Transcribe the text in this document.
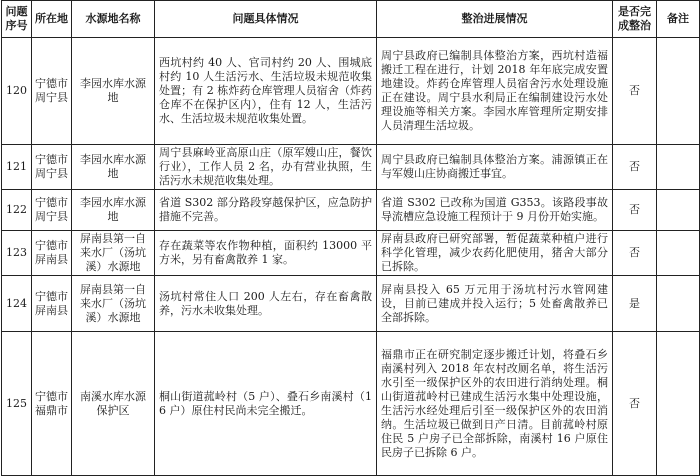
问题序号	所在地	水源地名称	问题具体情况	整治进展情况	是否完成整治	备注
120	宁德市周宁县	李园水库水源地	西坑村约 40 人、官司村约 20 人、围城底村约 10 人生活污水、生活垃圾未规范收集处置；有 2 栋炸药仓库管理人员宿舍（炸药仓库不在保护区内），住有 12 人，生活污水、生活垃圾未规范收集处置。	周宁县政府已编制具体整治方案，西坑村造福搬迁工程在进行，计划 2018 年年底完成安置地建设。炸药仓库管理人员宿舍污水处理设施正在建设。周宁县水利局正在编制建设污水处理设施等相关方案。李园水库管理所定期安排人员清理生活垃圾。	否	
121	宁德市周宁县	李园水库水源地	周宁县麻岭亚高原山庄（原军嫂山庄，餐饮行业），工作人员 2 名，办有营业执照，生活污水未规范收集处理。	周宁县政府已编制具体整治方案。浦源镇正在与军嫂山庄协商搬迁事宜。	否	
122	宁德市周宁县	李园水库水源地	省道 S302 部分路段穿越保护区，应急防护措施不完善。	省道 S302 已改称为国道 G353。该路段事故导流槽应急设施工程预计于 9 月份开始实施。	否	
123	宁德市屏南县	屏南县第一自来水厂（汤坑溪）水源地	存在蔬菜等农作物种植，面积约 13000 平方米，另有畜禽散养 1 家。	屏南县政府已研究部署，暂促蔬菜种植户进行科学化管理，减少农药化肥使用，猪舍大部分已拆除。	否	
124	宁德市屏南县	屏南县第一自来水厂（汤坑溪）水源地	汤坑村常住人口 200 人左右，存在畜禽散养，污水未收集处理。	屏南县投入 65 万元用于汤坑村污水管网建设，目前已建成并投入运行；5 处畜禽散养已全部拆除。	是	
125	宁德市福鼎市	南溪水库水源保护区	桐山街道菰岭村（5 户）、叠石乡南溪村（16 户）原住村民尚未完全搬迁。	福鼎市正在研究制定逐步搬迁计划，将叠石乡南溪村列入 2018 年农村改厕名单，将生活污水引至一级保护区外的农田进行消纳处理。桐山街道菰岭村已建成生活污水集中处理设施，生活污水经处理后引至一级保护区外的农田消纳。生活垃圾已做到日产日清。目前菰岭村原住民 5 户房子已全部拆除，南溪村 16 户原住民房子已拆除 6 户。	否	
